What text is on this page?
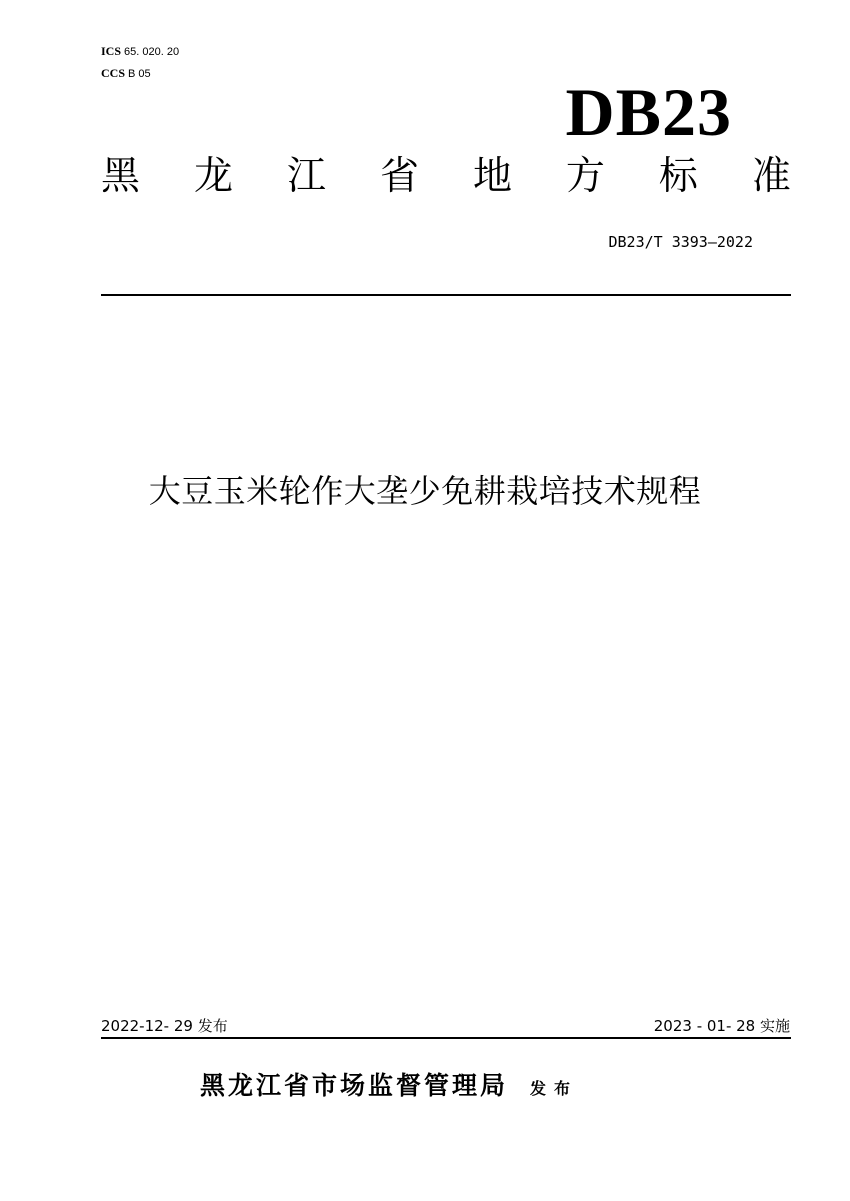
ICS 65. 020. 20
CCS B 05	DB23
黑 龙 江 省 地 方 标 准
DB23/T 3393—2022
大豆玉米轮作大垄少免耕栽培技术规程
2022-12- 29 发布	2023 - 01- 28 实施
黑龙江省市场监督管理局 发布
